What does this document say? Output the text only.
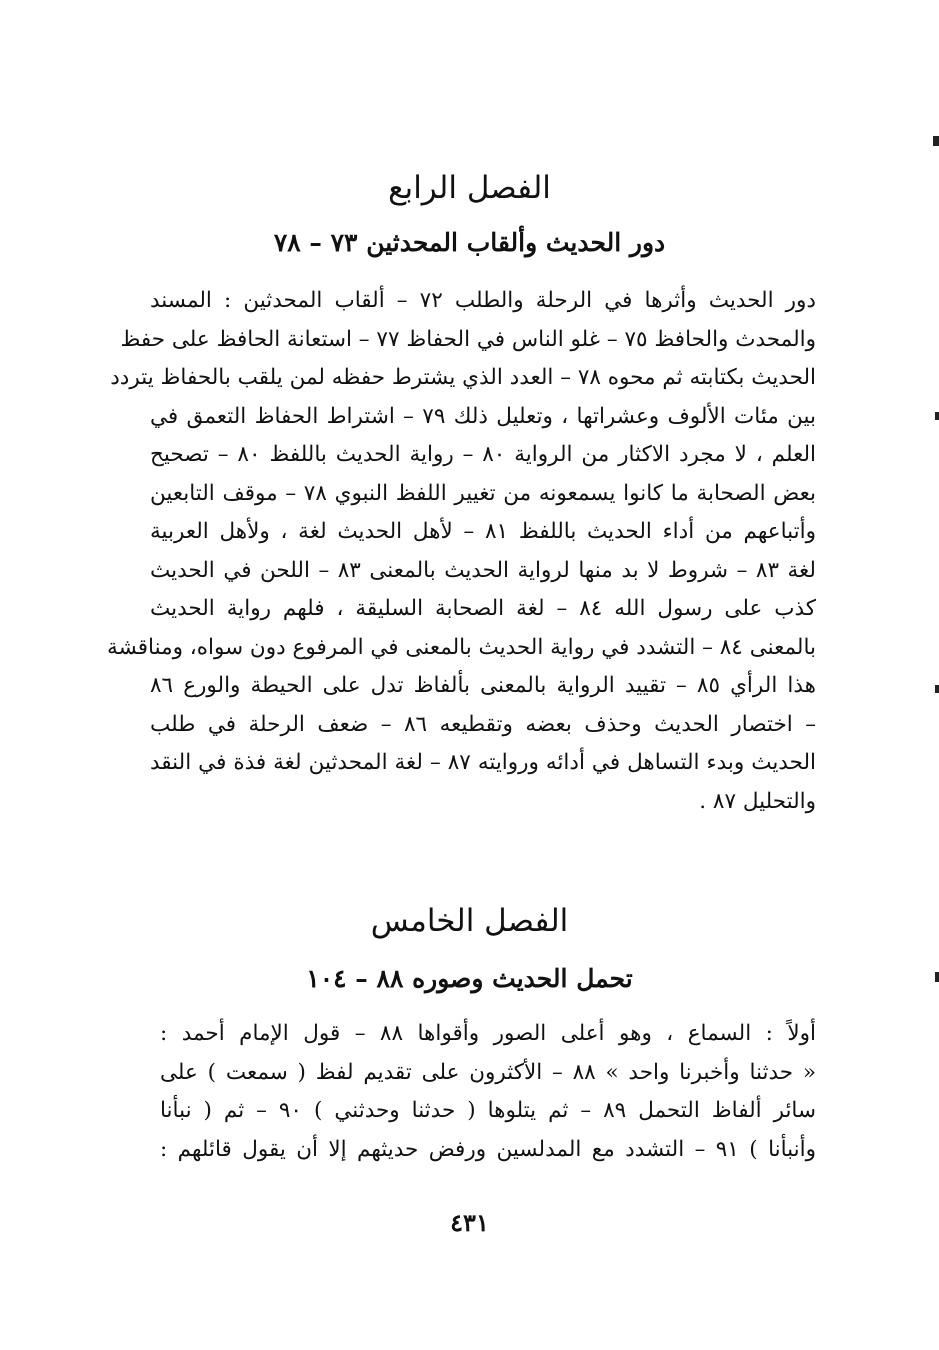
الفصل الرابع
دور الحديث وألقاب المحدثين ٧٣ – ٧٨
دور الحديث وأثرها في الرحلة والطلب ٧٢ – ألقاب المحدثين : المسند
والمحدث والحافظ ٧٥ – غلو الناس في الحفاظ ٧٧ – استعانة الحافظ على حفظ
الحديث بكتابته ثم محوه ٧٨ – العدد الذي يشترط حفظه لمن يلقب بالحفاظ يتردد
بين مئات الألوف وعشراتها ، وتعليل ذلك ٧٩ – اشتراط الحفاظ التعمق في
العلم ، لا مجرد الاكثار من الرواية ٨٠ – رواية الحديث باللفظ ٨٠ – تصحيح
بعض الصحابة ما كانوا يسمعونه من تغيير اللفظ النبوي ٧٨ – موقف التابعين
وأتباعهم من أداء الحديث باللفظ ٨١ – لأهل الحديث لغة ، ولأهل العربية
لغة ٨٣ – شروط لا بد منها لرواية الحديث بالمعنى ٨٣ – اللحن في الحديث
كذب على رسول الله ٨٤ – لغة الصحابة السليقة ، فلهم رواية الحديث
بالمعنى ٨٤ – التشدد في رواية الحديث بالمعنى في المرفوع دون سواه، ومناقشة
هذا الرأي ٨٥ – تقييد الرواية بالمعنى بألفاظ تدل على الحيطة والورع ٨٦
– اختصار الحديث وحذف بعضه وتقطيعه ٨٦ – ضعف الرحلة في طلب
الحديث وبدء التساهل في أدائه وروايته ٨٧ – لغة المحدثين لغة فذة في النقد
والتحليل ٨٧ .
الفصل الخامس
تحمل الحديث وصوره ٨٨ – ١٠٤
أولاً : السماع ، وهو أعلى الصور وأقواها ٨٨ – قول الإمام أحمد :
« حدثنا وأخبرنا واحد » ٨٨ – الأكثرون على تقديم لفظ ( سمعت ) على
سائر ألفاظ التحمل ٨٩ – ثم يتلوها ( حدثنا وحدثني ) ٩٠ – ثم ( نبأنا
وأنبأنا ) ٩١ – التشدد مع المدلسين ورفض حديثهم إلا أن يقول قائلهم :
٤٣١
